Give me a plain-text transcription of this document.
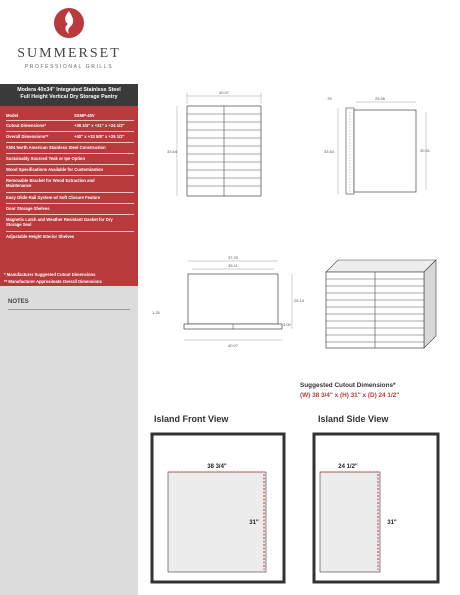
SUMMERSET
PROFESSIONAL GRILLS
Modera 40x34" Integrated Stainless Steel
Full Height Vertical Dry Storage Pantry
Model	SSMP-40V
Cutout Dimensions*	+38 3/4" x +31" x +24 1/2"
Overall Dimensions**	+40" x +33 5/8" x +25 1/2"
#304 North American Stainless Steel Construction
Sustainably Sourced Teak or Ipe Option
Wood Specifications Available for Customization
Removable Bracket for Wood Extraction and Maintenance
Easy Glide Rail System w/ Soft Closure Feature
Door Storage Shelves
Magnetic Latch and Weather Resistant Gasket for Dry Storage Seal
Adjustable Height Interior Shelves
* Manufacturer Suggested Cutout Dimensions
** Manufacturer Approximate Overall Dimensions
NOTES
40.07
33.64
.75	25.56
33.64	30.51
37.20
35.11
25.14
3.00
1.25
40.07
Suggested Cutout Dimensions*
(W) 38 3/4" x (H) 31" x (D) 24 1/2"
Island Front View
38 3/4"
31"
Island Side View
24 1/2"
31"
